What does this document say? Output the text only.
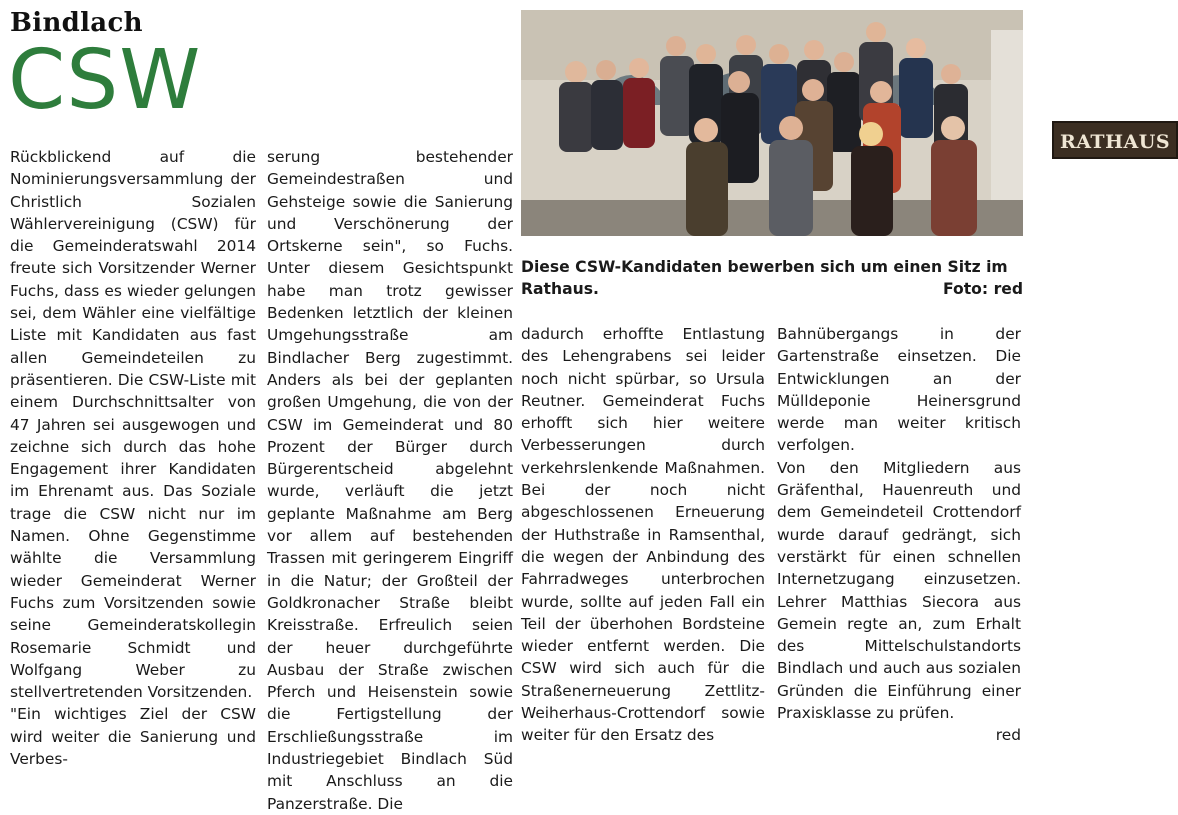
Bindlach
CSW

Rückblickend auf die Nominierungsversammlung der Christlich Sozialen Wählervereinigung (CSW) für die Gemeinderatswahl 2014 freute sich Vorsitzender Werner Fuchs, dass es wieder gelungen sei, dem Wähler eine vielfältige Liste mit Kandidaten aus fast allen Gemeindeteilen zu präsentieren. Die CSW-Liste mit einem Durchschnittsalter von 47 Jahren sei ausgewogen und zeichne sich durch das hohe Engagement ihrer Kandidaten im Ehrenamt aus. Das Soziale trage die CSW nicht nur im Namen. Ohne Gegenstimme wählte die Versammlung wieder Gemeinderat Werner Fuchs zum Vorsitzenden sowie seine Gemeinderatskollegin Rosemarie Schmidt und Wolfgang Weber zu stellvertretenden Vorsitzenden.

"Ein wichtiges Ziel der CSW wird weiter die Sanierung und Verbes-

serung bestehender Gemeindestraßen und Gehsteige sowie die Sanierung und Verschönerung der Ortskerne sein", so Fuchs. Unter diesem Gesichtspunkt habe man trotz gewisser Bedenken letztlich der kleinen Umgehungsstraße am Bindlacher Berg zugestimmt. Anders als bei der geplanten großen Umgehung, die von der CSW im Gemeinderat und 80 Prozent der Bürger durch Bürgerentscheid abgelehnt wurde, verläuft die jetzt geplante Maßnahme am Berg vor allem auf bestehenden Trassen mit geringerem Eingriff in die Natur; der Großteil der Goldkronacher Straße bleibt Kreisstraße. Erfreulich seien der heuer durchgeführte Ausbau der Straße zwischen Pferch und Heisenstein sowie die Fertigstellung der Erschließungsstraße im Industriegebiet Bindlach Süd mit Anschluss an die Panzerstraße. Die

RATHAUS
Diese CSW-Kandidaten bewerben sich um einen Sitz im Rathaus.	Foto: red

dadurch erhoffte Entlastung des Lehengrabens sei leider noch nicht spürbar, so Ursula Reutner. Gemeinderat Fuchs erhofft sich hier weitere Verbesserungen durch verkehrslenkende Maßnahmen. Bei der noch nicht abgeschlossenen Erneuerung der Huthstraße in Ramsenthal, die wegen der Anbindung des Fahrradweges unterbrochen wurde, sollte auf jeden Fall ein Teil der überhohen Bordsteine wieder entfernt werden. Die CSW wird sich auch für die Straßenerneuerung Zettlitz-Weiherhaus-Crottendorf sowie weiter für den Ersatz des

Bahnübergangs in der Gartenstraße einsetzen. Die Entwicklungen an der Mülldeponie Heinersgrund werde man weiter kritisch verfolgen.

Von den Mitgliedern aus Gräfenthal, Hauenreuth und dem Gemeindeteil Crottendorf wurde darauf gedrängt, sich verstärkt für einen schnellen Internetzugang einzusetzen. Lehrer Matthias Siecora aus Gemein regte an, zum Erhalt des Mittelschulstandorts Bindlach und auch aus sozialen Gründen die Einführung einer Praxisklasse zu prüfen.

red
